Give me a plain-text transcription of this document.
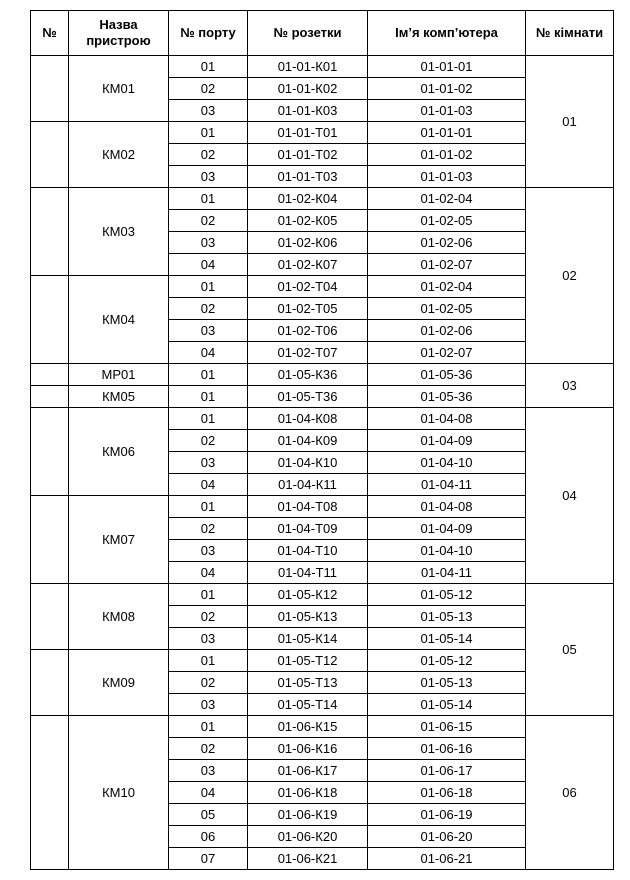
№	Назва пристрою	№ порту	№ розетки	Ім’я комп’ютера	№ кімнати
	КМ01	01	01-01-К01	01-01-01	01
		02	01-01-К02	01-01-02	
		03	01-01-К03	01-01-03	
	КМ02	01	01-01-Т01	01-01-01	
		02	01-01-Т02	01-01-02	
		03	01-01-Т03	01-01-03	
	КМ03	01	01-02-К04	01-02-04	02
		02	01-02-К05	01-02-05	
		03	01-02-К06	01-02-06	
		04	01-02-К07	01-02-07	
	КМ04	01	01-02-Т04	01-02-04	
		02	01-02-Т05	01-02-05	
		03	01-02-Т06	01-02-06	
		04	01-02-Т07	01-02-07	
	МР01	01	01-05-К36	01-05-36	03
	КМ05	01	01-05-Т36	01-05-36	
	КМ06	01	01-04-К08	01-04-08	04
		02	01-04-К09	01-04-09	
		03	01-04-К10	01-04-10	
		04	01-04-К11	01-04-11	
	КМ07	01	01-04-Т08	01-04-08	
		02	01-04-Т09	01-04-09	
		03	01-04-Т10	01-04-10	
		04	01-04-Т11	01-04-11	
	КМ08	01	01-05-К12	01-05-12	05
		02	01-05-К13	01-05-13	
		03	01-05-К14	01-05-14	
	КМ09	01	01-05-Т12	01-05-12	
		02	01-05-Т13	01-05-13	
		03	01-05-Т14	01-05-14	
	КМ10	01	01-06-К15	01-06-15	06
		02	01-06-К16	01-06-16	
		03	01-06-К17	01-06-17	
		04	01-06-К18	01-06-18	
		05	01-06-К19	01-06-19	
		06	01-06-К20	01-06-20	
		07	01-06-К21	01-06-21	
